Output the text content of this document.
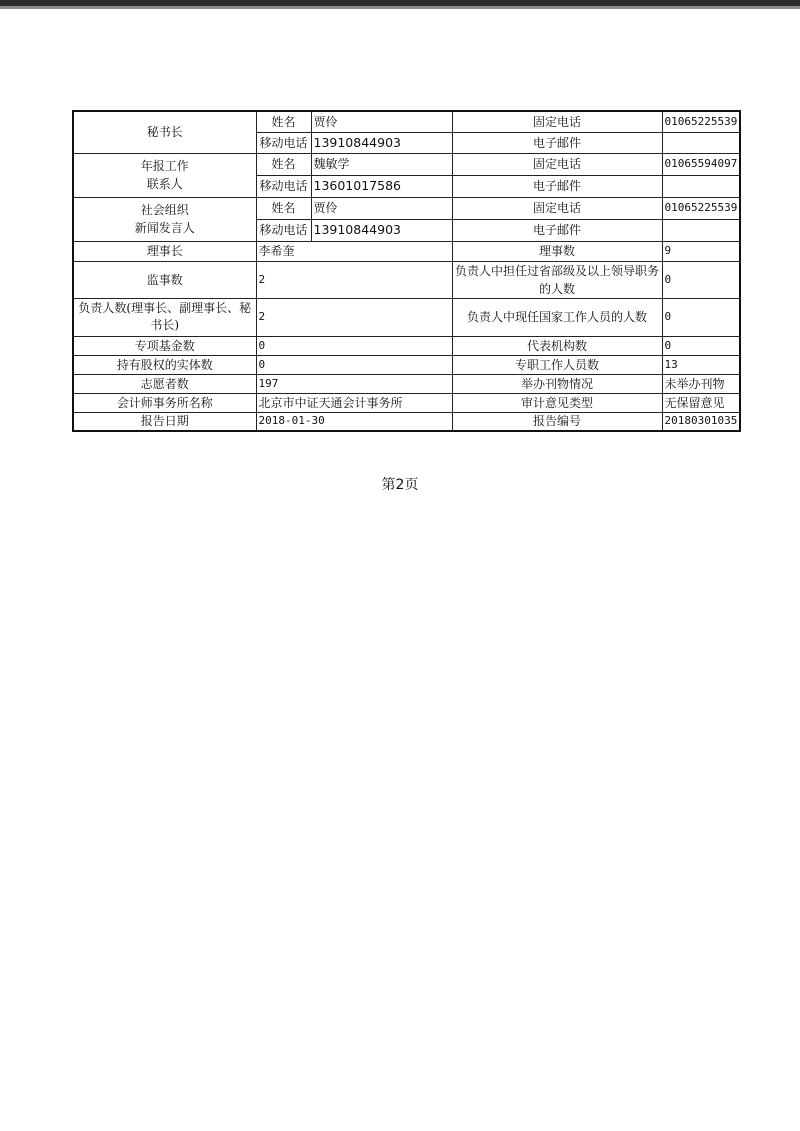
秘书长	姓名	贾伶	固定电话	01065225539
	移动电话	13910844903	电子邮件	

年报工作
联系人	姓名	魏敏学	固定电话	01065594097
	移动电话	13601017586	电子邮件	

社会组织
新闻发言人	姓名	贾伶	固定电话	01065225539
	移动电话	13910844903	电子邮件	
理事长	李希奎		理事数	9
监事数	2		负责人中担任过省部级及以上领导职务的人数	0
负责人数(理事长、副理事长、秘书长)	2		负责人中现任国家工作人员的人数	0
专项基金数	0		代表机构数	0
持有股权的实体数	0		专职工作人员数	13
志愿者数	197		举办刊物情况	未举办刊物
会计师事务所名称	北京市中证天通会计事务所		审计意见类型	无保留意见
报告日期	2018-01-30		报告编号	20180301035
第2页
